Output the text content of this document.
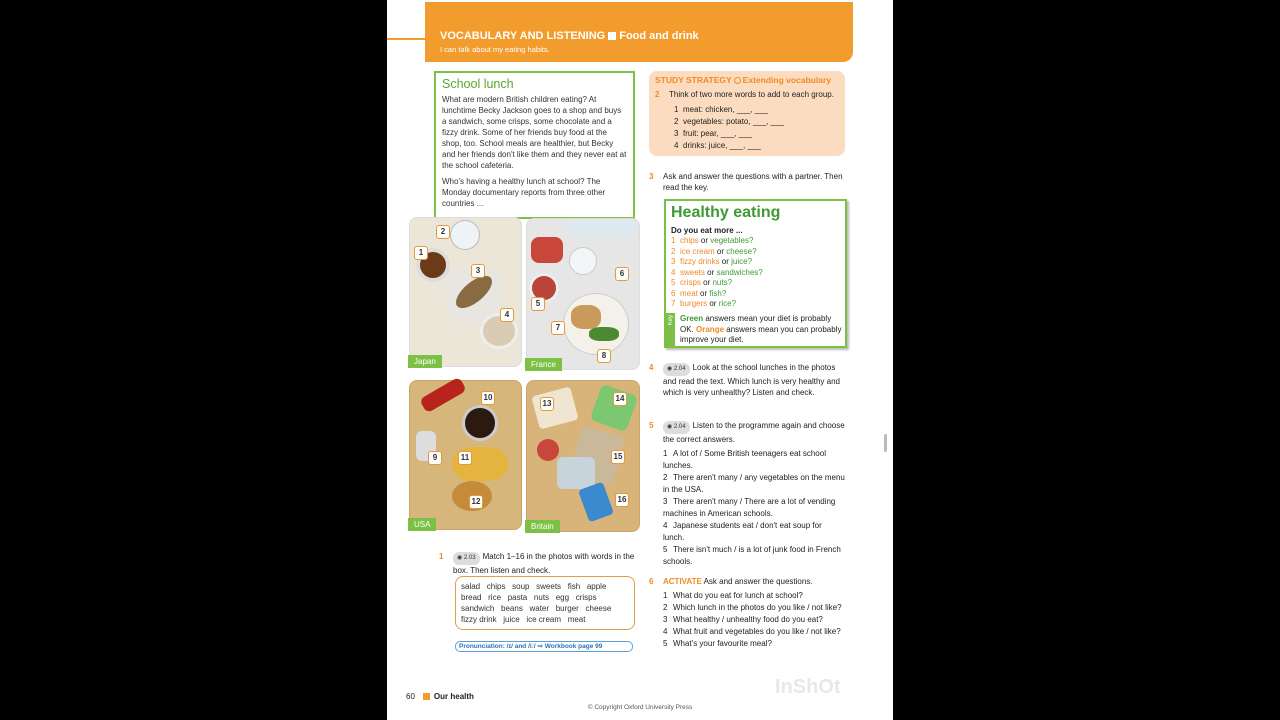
VOCABULARY AND LISTENING Food and drink
I can talk about my eating habits.
School lunch

What are modern British children eating? At lunchtime Becky Jackson goes to a shop and buys a sandwich, some crisps, some chocolate and a fizzy drink. Some of her friends buy food at the shop, too. School meals are healthier, but Becky and her friends don't like them and they never eat at the school cafeteria.

Who's having a healthy lunch at school? The Monday documentary reports from three other countries ...

1
2
3
4
Japan
5
6
7
8
France
9
10
11
12
USA
13
14
15
16
Britain
STUDY STRATEGY Extending vocabulary
2 Think of two more words to add to each group.
1 meat: chicken, ___, ___
2 vegetables: potato, ___, ___
3 fruit: pear, ___, ___
4 drinks: juice, ___, ___
3	Ask and answer the questions with a partner. Then read the key.
Healthy eating
Do you eat more ...
1 chips or vegetables?
2 ice cream or cheese?
3 fizzy drinks or juice?
4 sweets or sandwiches?
5 crisps or nuts?
6 meat or fish?
7 burgers or rice?
Key Green answers mean your diet is probably OK. Orange answers mean you can probably improve your diet.
4	◉ 2.04 Look at the school lunches in the photos and read the text. Which lunch is very healthy and which is very unhealthy? Listen and check.
5	◉ 2.04 Listen to the programme again and choose the correct answers.
1 A lot of / Some British teenagers eat school lunches.
2 There aren't many / any vegetables on the menu in the USA.
3 There aren't many / There are a lot of vending machines in American schools.
4 Japanese students eat / don't eat soup for lunch.
5 There isn't much / is a lot of junk food in French schools.
6	ACTIVATE Ask and answer the questions.
1 What do you eat for lunch at school?
2 Which lunch in the photos do you like / not like?
3 What healthy / unhealthy food do you eat?
4 What fruit and vegetables do you like / not like?
5 What's your favourite meal?
1	◉ 2.03 Match 1–16 in the photos with words in the box. Then listen and check.
salad   chips   soup   sweets   fish   apple
bread   rice   pasta   nuts   egg   crisps
sandwich   beans   water   burger   cheese
fizzy drink   juice   ice cream   meat
Pronunciation: /ɪ/ and /iː/ ⇨ Workbook page 99
60 Our health
© Copyright Oxford University Press
InShOt
